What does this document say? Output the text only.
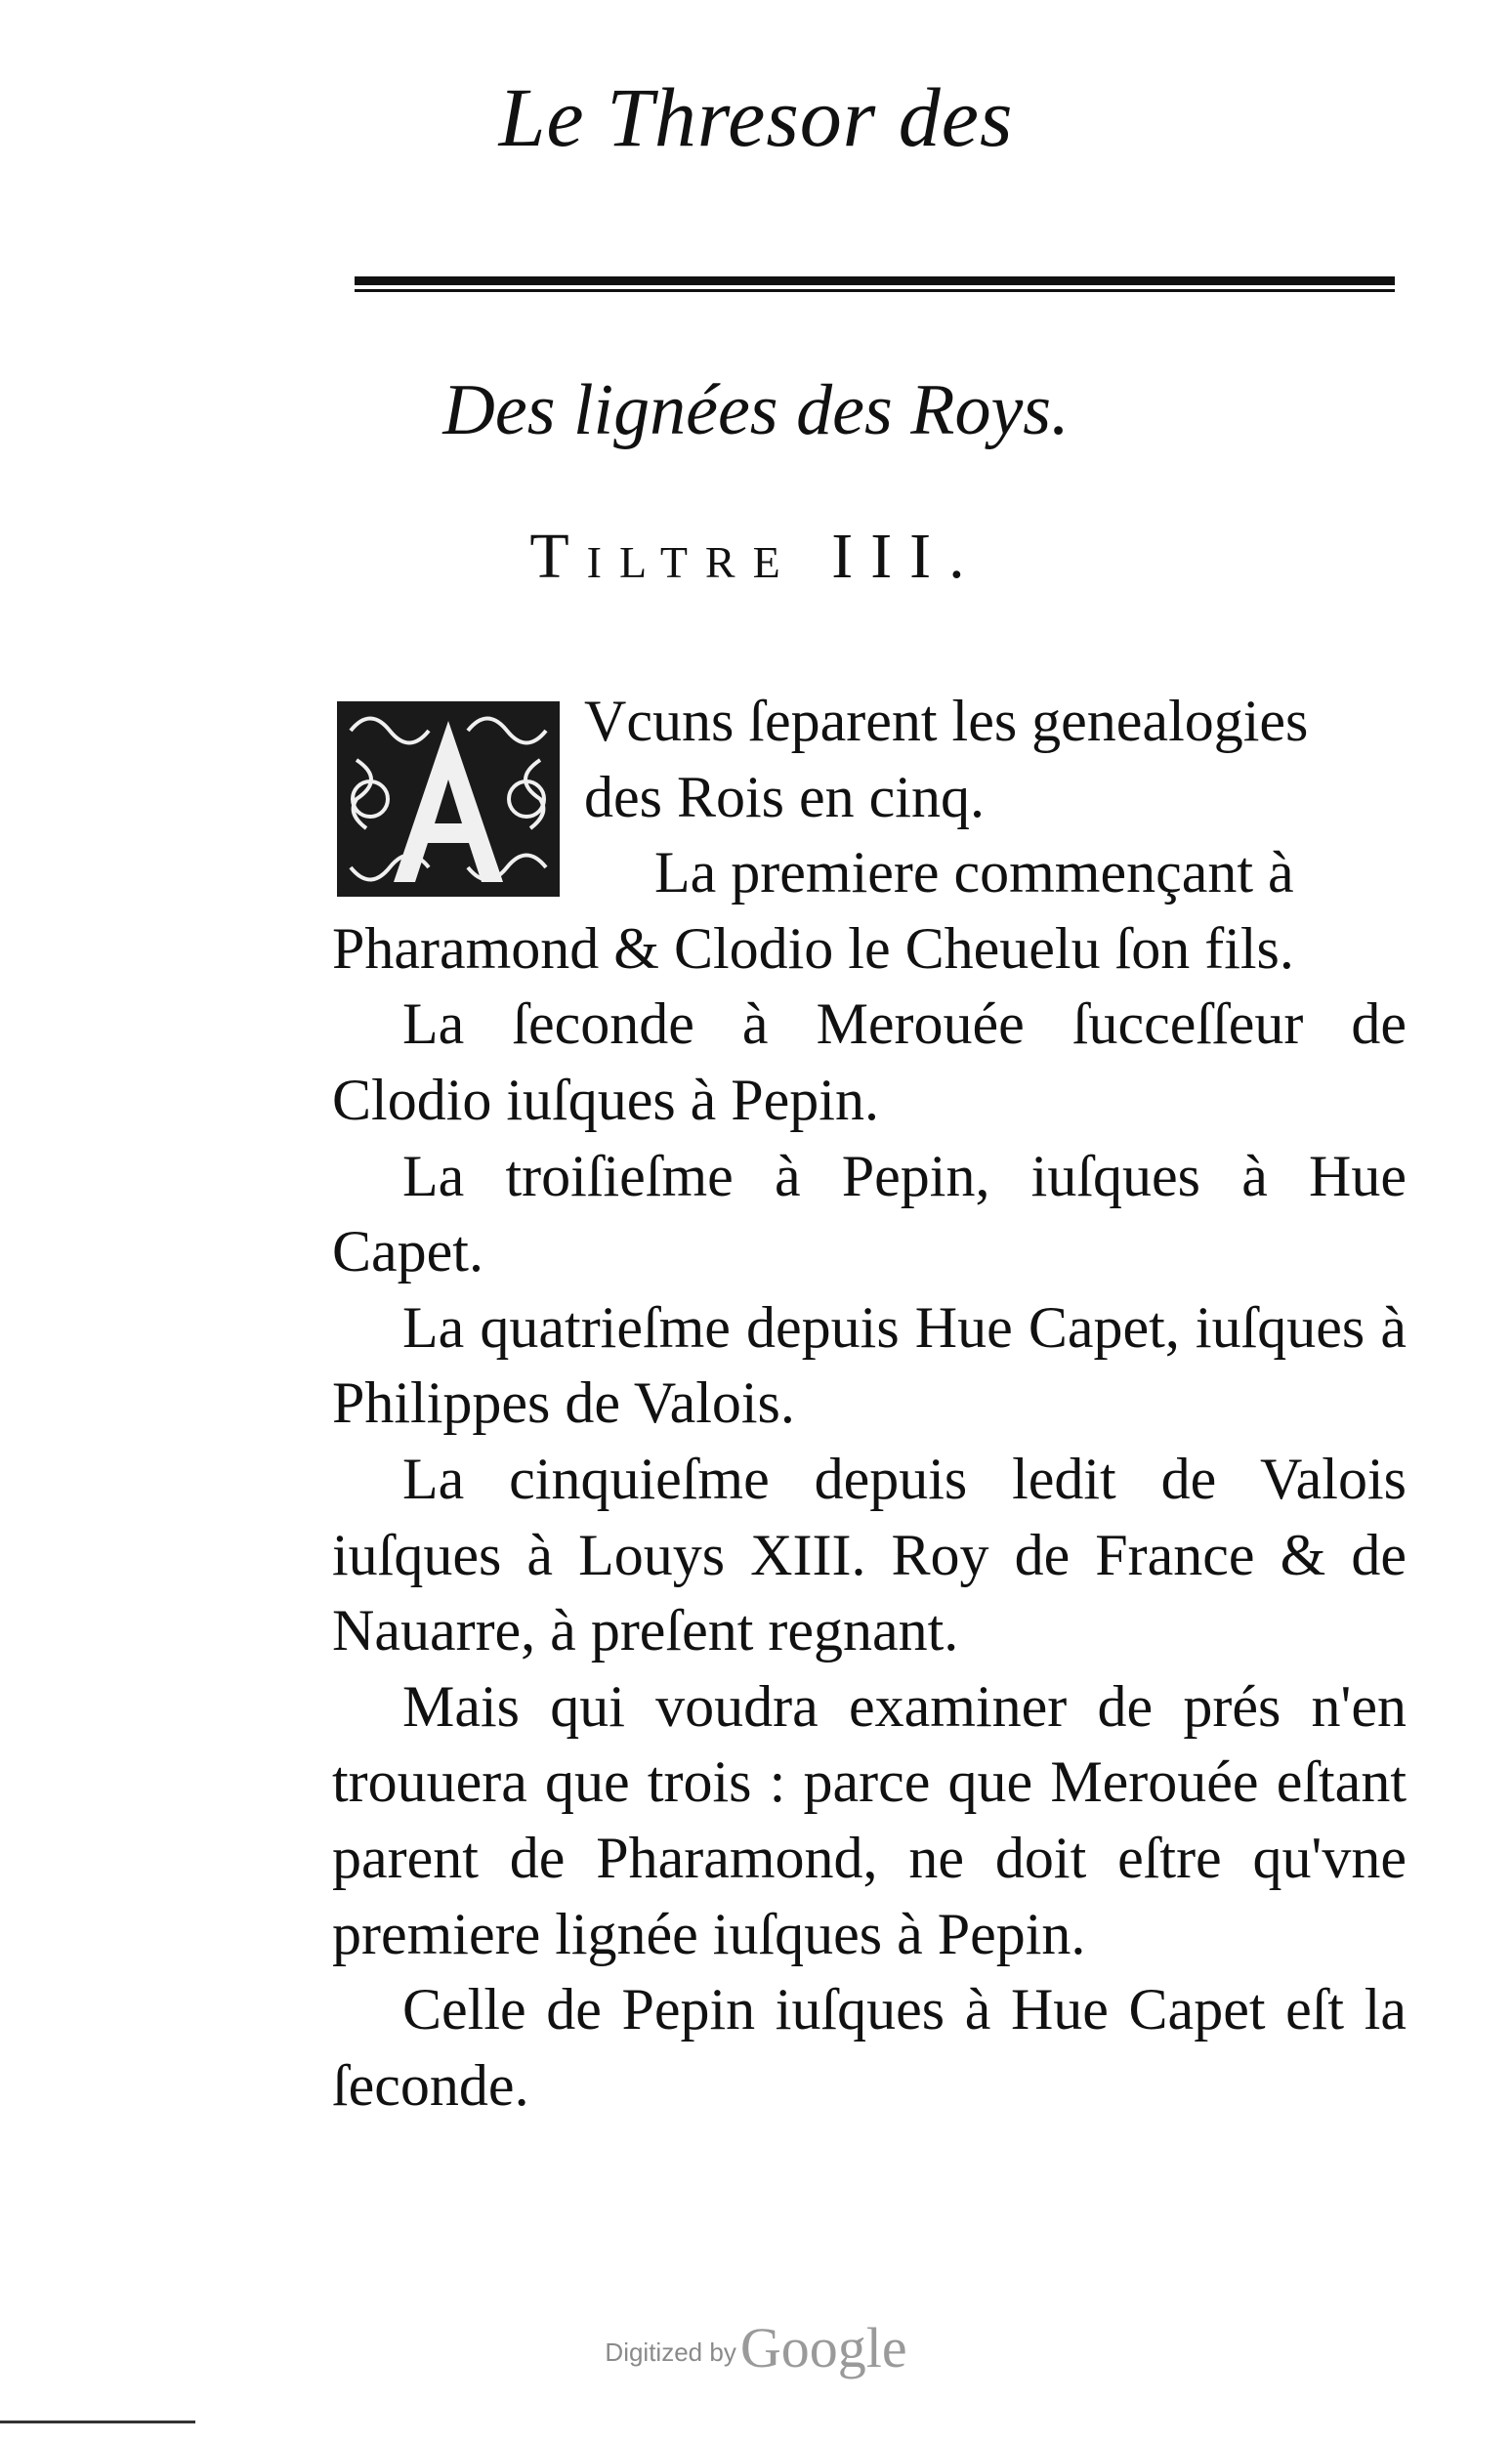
Le Thresor des
Des lignées des Roys.
Tiltre III.

Vcuns ſeparent les genealogies

des Rois en cinq.

La premiere commençant à

Pharamond & Clodio le Cheuelu ſon fils.

La ſeconde à Merouée ſucceſſeur de Clodio iuſques à Pepin.

La troiſieſme à Pepin, iuſques à Hue Capet.

La quatrieſme depuis Hue Capet, iuſques à Philippes de Valois.

La cinquieſme depuis ledit de Valois iuſques à Louys XIII. Roy de France & de Nauarre, à preſent regnant.

Mais qui voudra examiner de prés n'en trouuera que trois : parce que Merouée eſtant parent de Pharamond, ne doit eſtre qu'vne premiere lignée iuſques à Pepin.

Celle de Pepin iuſques à Hue Capet eſt la ſeconde.

Digitized by Google
